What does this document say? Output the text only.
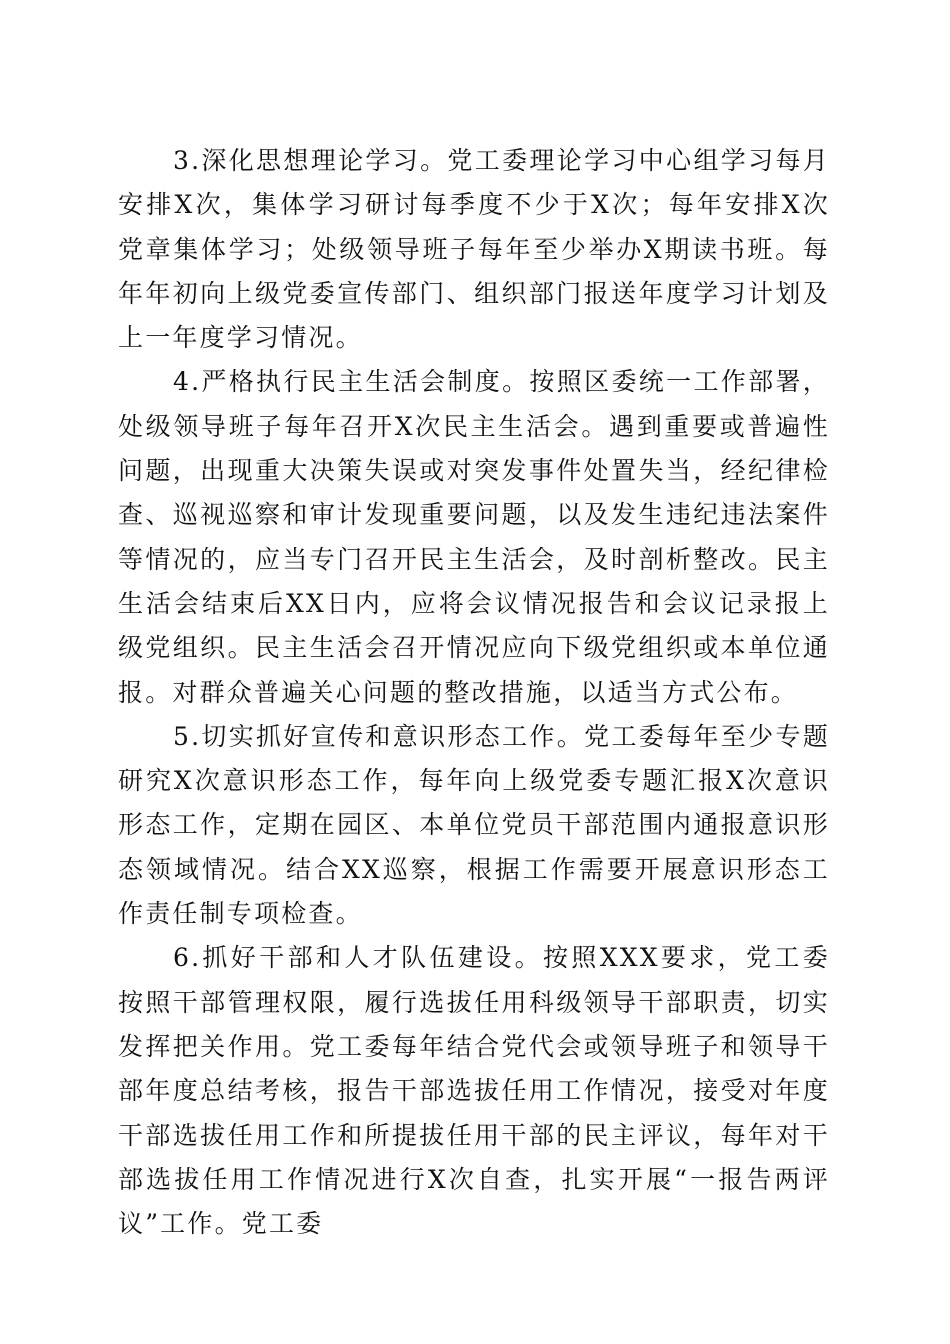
3.深化思想理论学习。党工委理论学习中心组学习每月安排X次，集体学习研讨每季度不少于X次；每年安排X次党章集体学习；处级领导班子每年至少举办X期读书班。每年年初向上级党委宣传部门、组织部门报送年度学习计划及上一年度学习情况。

4.严格执行民主生活会制度。按照区委统一工作部署，处级领导班子每年召开X次民主生活会。遇到重要或普遍性问题，出现重大决策失误或对突发事件处置失当，经纪律检查、巡视巡察和审计发现重要问题，以及发生违纪违法案件等情况的，应当专门召开民主生活会，及时剖析整改。民主生活会结束后XX日内，应将会议情况报告和会议记录报上级党组织。民主生活会召开情况应向下级党组织或本单位通报。对群众普遍关心问题的整改措施，以适当方式公布。

5.切实抓好宣传和意识形态工作。党工委每年至少专题研究X次意识形态工作，每年向上级党委专题汇报X次意识形态工作，定期在园区、本单位党员干部范围内通报意识形态领域情况。结合XX巡察，根据工作需要开展意识形态工作责任制专项检查。

6.抓好干部和人才队伍建设。按照XXX要求，党工委按照干部管理权限，履行选拔任用科级领导干部职责，切实发挥把关作用。党工委每年结合党代会或领导班子和领导干部年度总结考核，报告干部选拔任用工作情况，接受对年度干部选拔任用工作和所提拔任用干部的民主评议，每年对干部选拔任用工作情况进行X次自查，扎实开展“一报告两评议”工作。党工委
